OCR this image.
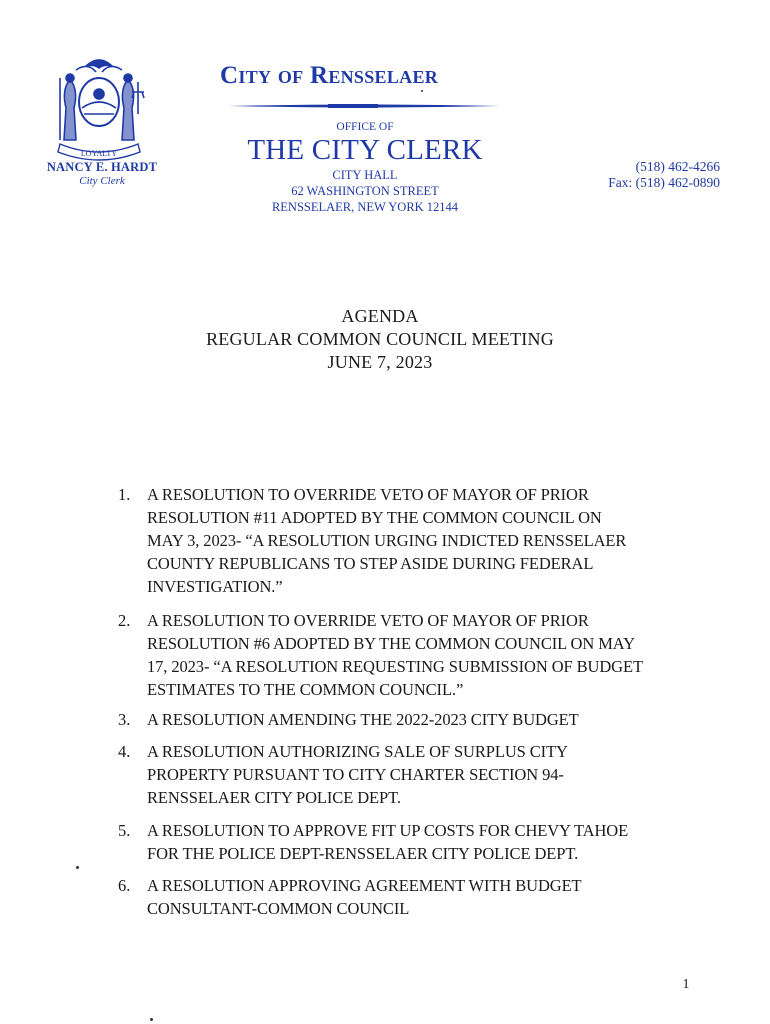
LOYALTY
NANCY E. HARDT
City Clerk
City of Rensselaer
OFFICE OF
THE CITY CLERK
CITY HALL
62 WASHINGTON STREET
RENSSELAER, NEW YORK 12144
(518) 462-4266
Fax: (518) 462-0890
AGENDA
REGULAR COMMON COUNCIL MEETING
JUNE 7, 2023
1.	A RESOLUTION TO OVERRIDE VETO OF MAYOR OF PRIOR
RESOLUTION #11 ADOPTED BY THE COMMON COUNCIL ON
MAY 3, 2023- “A RESOLUTION URGING INDICTED RENSSELAER
COUNTY REPUBLICANS TO STEP ASIDE DURING FEDERAL
INVESTIGATION.”
2.	A RESOLUTION TO OVERRIDE VETO OF MAYOR OF PRIOR
RESOLUTION #6 ADOPTED BY THE COMMON COUNCIL ON MAY
17, 2023- “A RESOLUTION REQUESTING SUBMISSION OF BUDGET
ESTIMATES TO THE COMMON COUNCIL.”
3.	A RESOLUTION AMENDING THE 2022-2023 CITY BUDGET
4.	A RESOLUTION AUTHORIZING SALE OF SURPLUS CITY
PROPERTY PURSUANT TO CITY CHARTER SECTION 94-
RENSSELAER CITY POLICE DEPT.
5.	A RESOLUTION TO APPROVE FIT UP COSTS FOR CHEVY TAHOE
FOR THE POLICE DEPT-RENSSELAER CITY POLICE DEPT.
6.	A RESOLUTION APPROVING AGREEMENT WITH BUDGET
CONSULTANT-COMMON COUNCIL
1
